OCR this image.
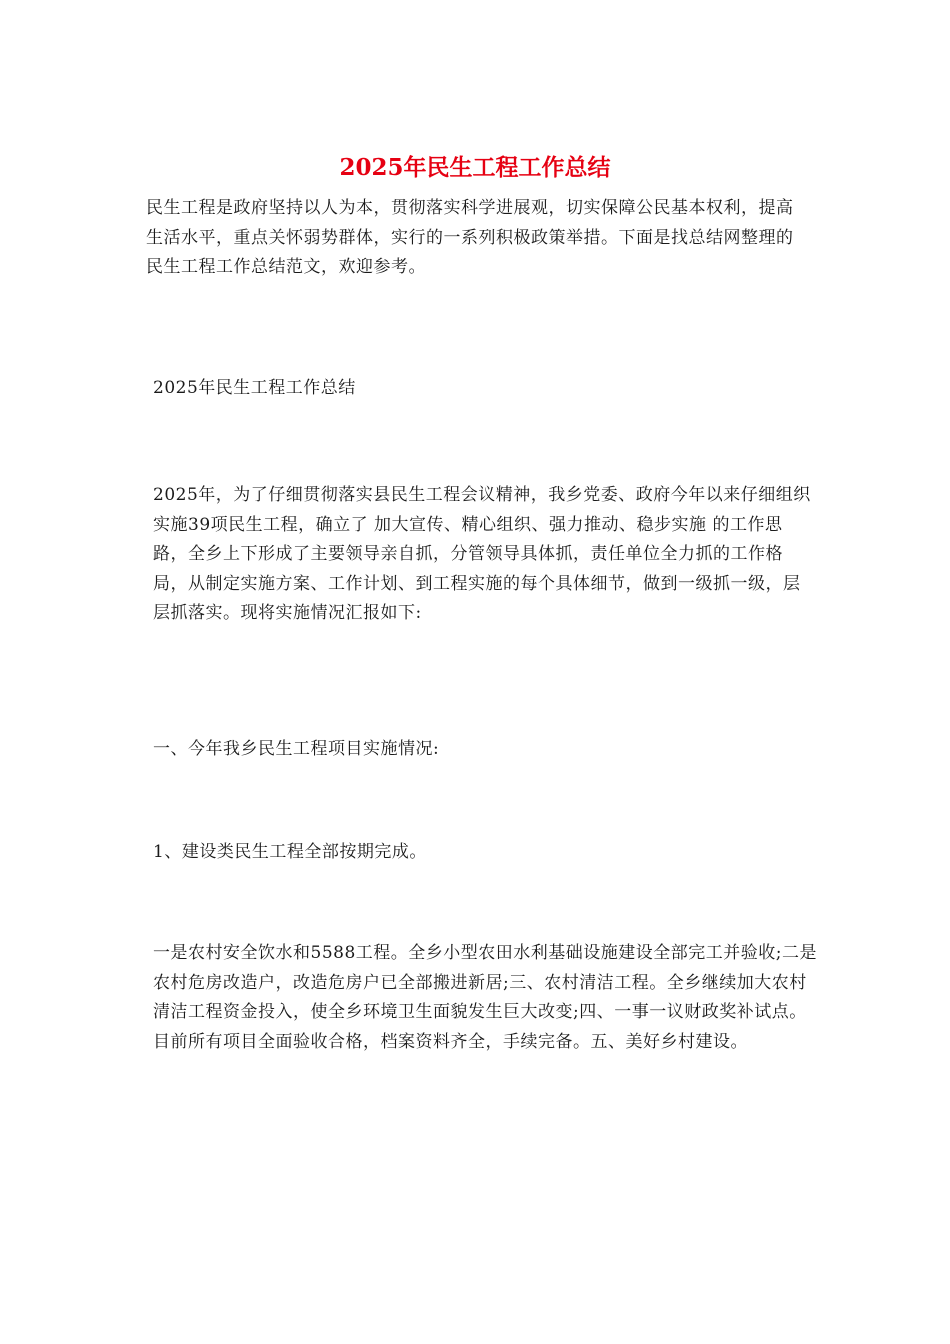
2025年民生工程工作总结

民生工程是政府坚持以人为本，贯彻落实科学进展观，切实保障公民基本权利，提高生活水平，重点关怀弱势群体，实行的一系列积极政策举措。下面是找总结网整理的民生工程工作总结范文，欢迎参考。

2025年民生工程工作总结

2025年，为了仔细贯彻落实县民生工程会议精神，我乡党委、政府今年以来仔细组织实施39项民生工程，确立了 加大宣传、精心组织、强力推动、稳步实施 的工作思路，全乡上下形成了主要领导亲自抓，分管领导具体抓，责任单位全力抓的工作格局，从制定实施方案、工作计划、到工程实施的每个具体细节，做到一级抓一级，层层抓落实。现将实施情况汇报如下:

一、今年我乡民生工程项目实施情况:

1、建设类民生工程全部按期完成。

一是农村安全饮水和5588工程。全乡小型农田水利基础设施建设全部完工并验收;二是农村危房改造户，改造危房户已全部搬进新居;三、农村清洁工程。全乡继续加大农村清洁工程资金投入，使全乡环境卫生面貌发生巨大改变;四、一事一议财政奖补试点。目前所有项目全面验收合格，档案资料齐全，手续完备。五、美好乡村建设。
